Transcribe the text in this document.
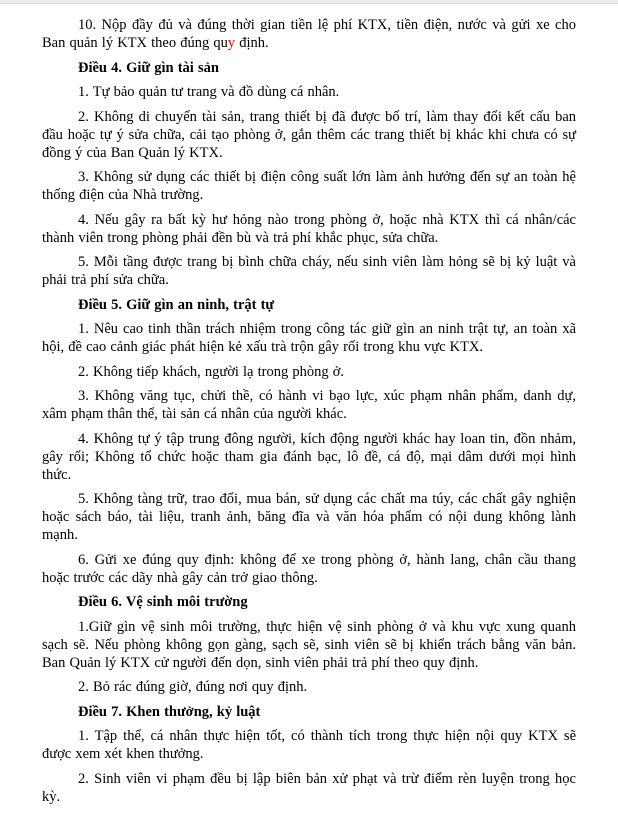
10. Nộp đầy đủ và đúng thời gian tiền lệ phí KTX, tiền điện, nước và gửi xe cho Ban quản lý KTX theo đúng quy định.

Điều 4. Giữ gìn tài sản

1. Tự bảo quản tư trang và đồ dùng cá nhân.

2. Không di chuyển tài sản, trang thiết bị đã được bố trí, làm thay đổi kết cấu ban đầu hoặc tự ý sửa chữa, cải tạo phòng ở, gắn thêm các trang thiết bị khác khi chưa có sự đồng ý của Ban Quản lý KTX.

3. Không sử dụng các thiết bị điện công suất lớn làm ảnh hưởng đến sự an toàn hệ thống điện của Nhà trường.

4. Nếu gây ra bất kỳ hư hỏng nào trong phòng ở, hoặc nhà KTX thì cá nhân/các thành viên trong phòng phải đền bù và trả phí khắc phục, sửa chữa.

5. Mỗi tầng được trang bị bình chữa cháy, nếu sinh viên làm hỏng sẽ bị kỷ luật và phải trả phí sửa chữa.

Điều 5. Giữ gìn an ninh, trật tự

1. Nêu cao tinh thần trách nhiệm trong công tác giữ gìn an ninh trật tự, an toàn xã hội, đề cao cảnh giác phát hiện kẻ xấu trà trộn gây rối trong khu vực KTX.

2. Không tiếp khách, người lạ trong phòng ở.

3. Không văng tục, chửi thề, có hành vi bạo lực, xúc phạm nhân phẩm, danh dự, xâm phạm thân thể, tài sản cá nhân của người khác.

4. Không tự ý tập trung đông người, kích động người khác hay loan tin, đồn nhảm, gây rối; Không tổ chức hoặc tham gia đánh bạc, lô đề, cá độ, mại dâm dưới mọi hình thức.

5. Không tàng trữ, trao đổi, mua bán, sử dụng các chất ma túy, các chất gây nghiện hoặc sách báo, tài liệu, tranh ảnh, băng đĩa và văn hóa phẩm có nội dung không lành mạnh.

6. Gửi xe đúng quy định: không để xe trong phòng ở, hành lang, chân cầu thang hoặc trước các dãy nhà gây cản trở giao thông.

Điều 6. Vệ sinh môi trường

1.Giữ gìn vệ sinh môi trường, thực hiện vệ sinh phòng ở và khu vực xung quanh sạch sẽ. Nếu phòng không gọn gàng, sạch sẽ, sinh viên sẽ bị khiển trách bằng văn bản. Ban Quản lý KTX cử người đến dọn, sinh viên phải trả phí theo quy định.

2. Bỏ rác đúng giờ, đúng nơi quy định.

Điều 7. Khen thưởng, kỷ luật

1. Tập thể, cá nhân thực hiện tốt, có thành tích trong thực hiện nội quy KTX sẽ được xem xét khen thưởng.

2. Sinh viên vi phạm đều bị lập biên bản xử phạt và trừ điểm rèn luyện trong học kỳ.
